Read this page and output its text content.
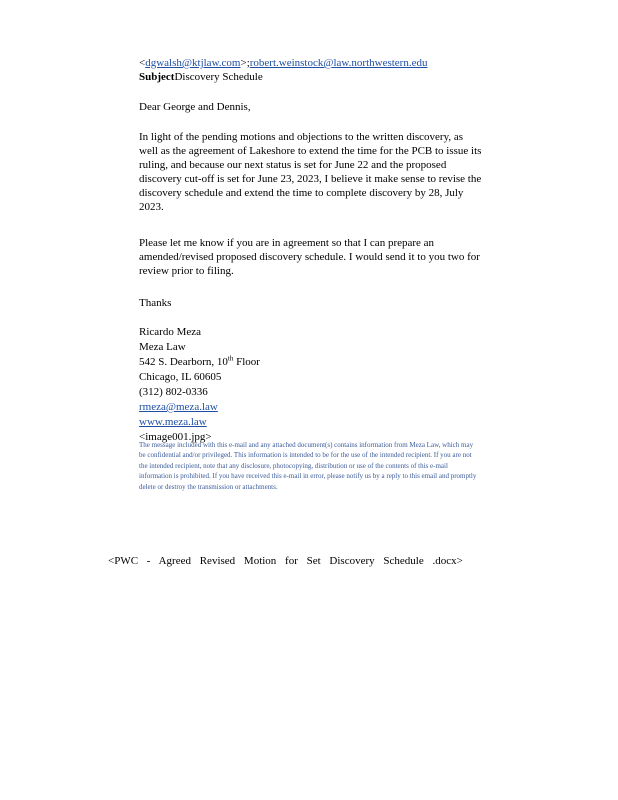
<dgwalsh@ktjlaw.com>;robert.weinstock@law.northwestern.edu
SubjectDiscovery Schedule
Dear George and Dennis,
In light of the pending motions and objections to the written discovery, as well as the agreement of Lakeshore to extend the time for the PCB to issue its ruling, and because our next status is set for June 22 and the proposed discovery cut-off is set for June 23, 2023, I believe it make sense to revise the discovery schedule and extend the time to complete discovery by 28, July 2023.
Please let me know if you are in agreement so that I can prepare an amended/revised proposed discovery schedule. I would send it to you two for review prior to filing.
Thanks
Ricardo Meza
Meza Law
542 S. Dearborn, 10th Floor
Chicago, IL 60605
(312) 802-0336
rmeza@meza.law
www.meza.law
<image001.jpg>
The message included with this e-mail and any attached document(s) contains information from Meza Law, which may be confidential and/or privileged. This information is intended to be for the use of the intended recipient. If you are not the intended recipient, note that any disclosure, photocopying, distribution or use of the contents of this e-mail information is prohibited. If you have received this e-mail in error, please notify us by a reply to this email and promptly delete or destroy the transmission or attachments.
<PWC - Agreed Revised Motion for Set Discovery Schedule .docx>
